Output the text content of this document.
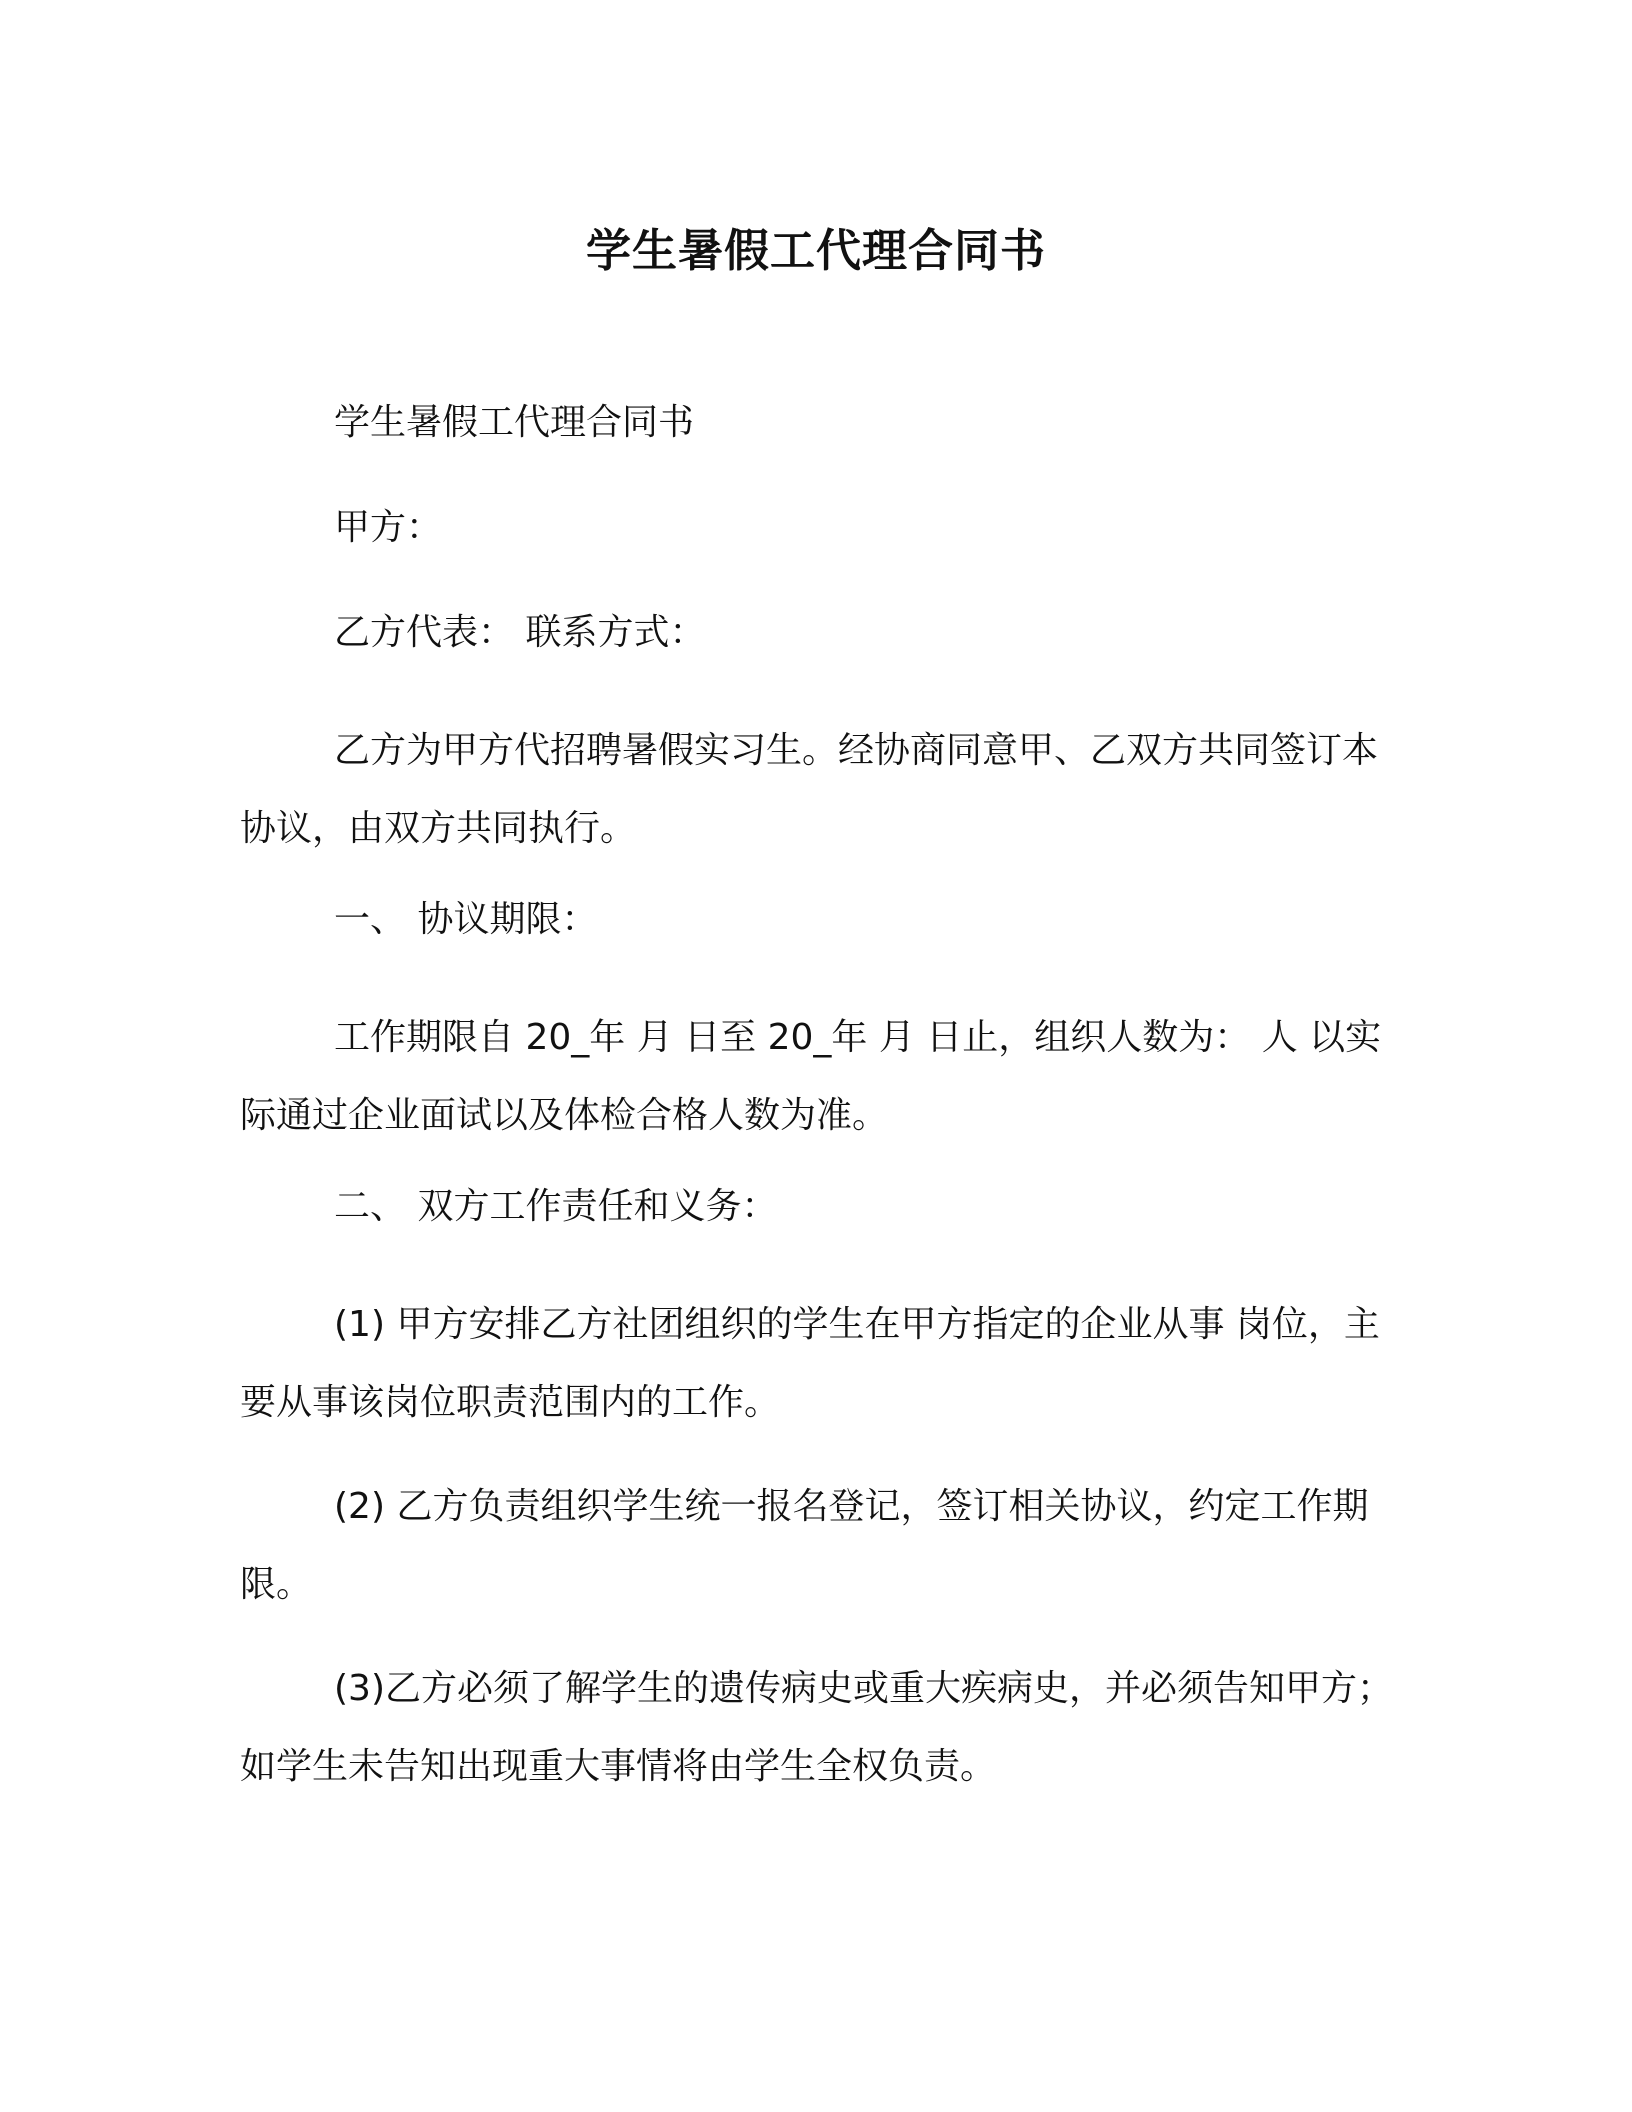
学生暑假工代理合同书

学生暑假工代理合同书

甲方：

乙方代表： 联系方式：

乙方为甲方代招聘暑假实习生。经协商同意甲、乙双方共同签订本协议，由双方共同执行。

一、 协议期限：

工作期限自 20_年 月 日至 20_年 月 日止，组织人数为： 人 以实际通过企业面试以及体检合格人数为准。

二、 双方工作责任和义务：

(1) 甲方安排乙方社团组织的学生在甲方指定的企业从事 岗位，主要从事该岗位职责范围内的工作。

(2) 乙方负责组织学生统一报名登记，签订相关协议，约定工作期限。

(3)乙方必须了解学生的遗传病史或重大疾病史，并必须告知甲方；如学生未告知出现重大事情将由学生全权负责。
